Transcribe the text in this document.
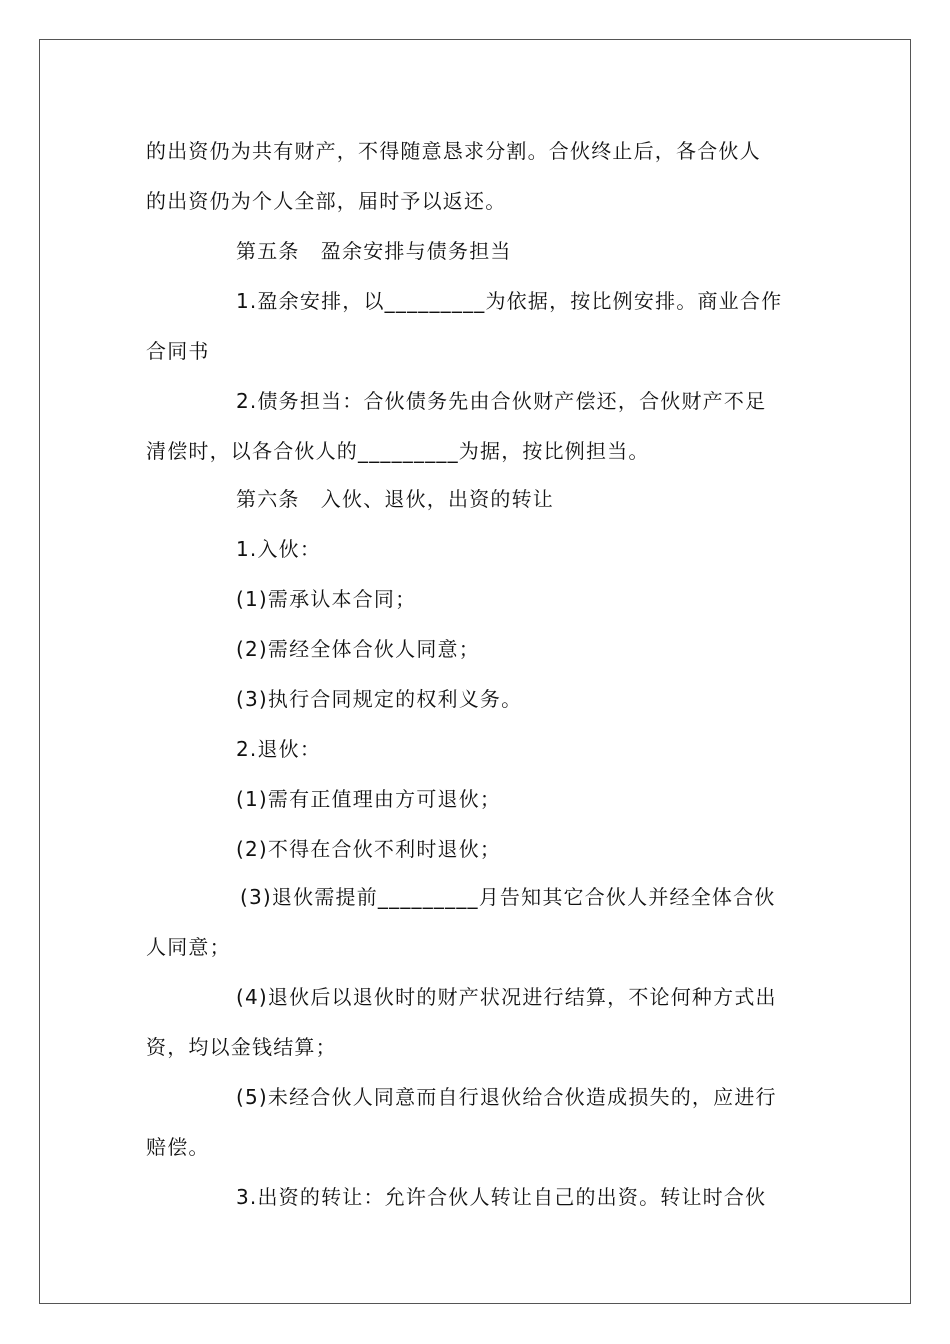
的出资仍为共有财产，不得随意恳求分割。合伙终止后，各合伙人
的出资仍为个人全部，届时予以返还。
第五条　盈余安排与债务担当
1.盈余安排，以_________为依据，按比例安排。商业合作
合同书
2.债务担当：合伙债务先由合伙财产偿还，合伙财产不足
清偿时，以各合伙人的_________为据，按比例担当。
第六条　入伙、退伙，出资的转让
1.入伙：
(1)需承认本合同；
(2)需经全体合伙人同意；
(3)执行合同规定的权利义务。
2.退伙：
(1)需有正值理由方可退伙；
(2)不得在合伙不利时退伙；
(3)退伙需提前_________月告知其它合伙人并经全体合伙
人同意；
(4)退伙后以退伙时的财产状况进行结算，不论何种方式出
资，均以金钱结算；
(5)未经合伙人同意而自行退伙给合伙造成损失的，应进行
赔偿。
3.出资的转让：允许合伙人转让自己的出资。转让时合伙
